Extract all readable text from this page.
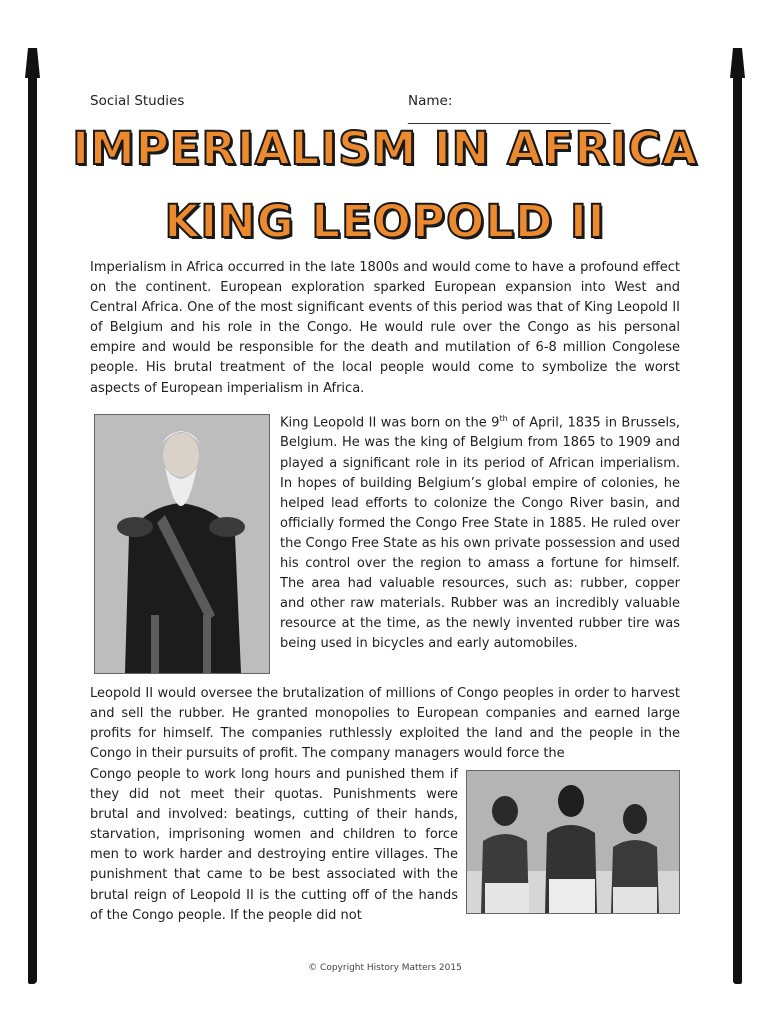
Social Studies	Name: ______________________________
IMPERIALISM IN AFRICA
KING LEOPOLD II
Imperialism in Africa occurred in the late 1800s and would come to have a profound effect on the continent. European exploration sparked European expansion into West and Central Africa. One of the most significant events of this period was that of King Leopold II of Belgium and his role in the Congo. He would rule over the Congo as his personal empire and would be responsible for the death and mutilation of 6-8 million Congolese people. His brutal treatment of the local people would come to symbolize the worst aspects of European imperialism in Africa.
King Leopold II was born on the 9th of April, 1835 in Brussels, Belgium. He was the king of Belgium from 1865 to 1909 and played a significant role in its period of African imperialism. In hopes of building Belgium’s global empire of colonies, he helped lead efforts to colonize the Congo River basin, and officially formed the Congo Free State in 1885. He ruled over the Congo Free State as his own private possession and used his control over the region to amass a fortune for himself. The area had valuable resources, such as: rubber, copper and other raw materials. Rubber was an incredibly valuable resource at the time, as the newly invented rubber tire was being used in bicycles and early automobiles.
Leopold II would oversee the brutalization of millions of Congo peoples in order to harvest and sell the rubber. He granted monopolies to European companies and earned large profits for himself. The companies ruthlessly exploited the land and the people in the Congo in their pursuits of profit. The company managers would force the
Congo people to work long hours and punished them if they did not meet their quotas. Punishments were brutal and involved: beatings, cutting of their hands, starvation, imprisoning women and children to force men to work harder and destroying entire villages. The punishment that came to be best associated with the brutal reign of Leopold II is the cutting off of the hands of the Congo people. If the people did not
© Copyright History Matters 2015
